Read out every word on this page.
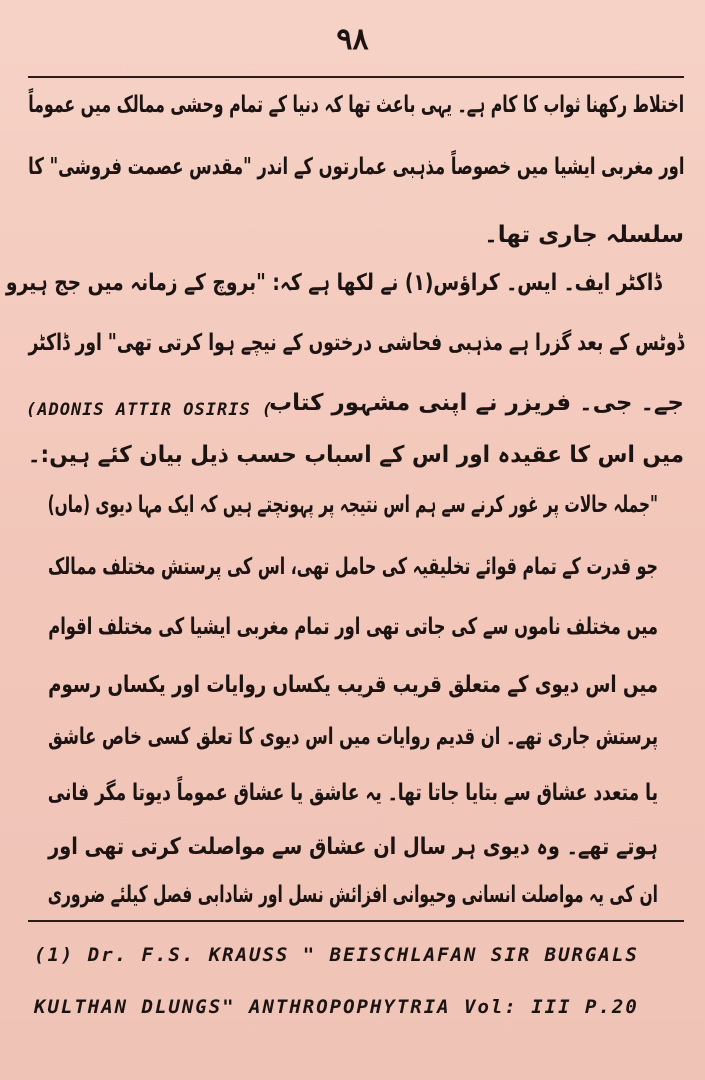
۹۸
اختلاط رکھنا ثواب کا کام ہے۔ یہی باعث تھا کہ دنیا کے تمام وحشی ممالک میں عموماً
اور مغربی ایشیا میں خصوصاً مذہبی عمارتوں کے اندر "مقدس عصمت فروشی" کا
سلسلہ جاری تھا۔
ڈاکٹر ایف۔ ایس۔ کراؤس(۱) نے لکھا ہے کہ: "بروچ کے زمانہ میں جج ہیرو
ڈوٹس کے بعد گزرا ہے مذہبی فحاشی درختوں کے نیچے ہوا کرتی تھی" اور ڈاکٹر
جے۔ جی۔ فریزر نے اپنی مشہور کتاب
(ADONIS ATTIR OSIRIS (
میں اس کا عقیدہ اور اس کے اسباب حسب ذیل بیان کئے ہیں:۔
"جملہ حالات پر غور کرنے سے ہم اس نتیجہ پر پہونچتے ہیں کہ ایک مہا دیوی (ماں)
جو قدرت کے تمام قوائے تخلیقیہ کی حامل تھی، اس کی پرستش مختلف ممالک
میں مختلف ناموں سے کی جاتی تھی اور تمام مغربی ایشیا کی مختلف اقوام
میں اس دیوی کے متعلق قریب قریب یکساں روایات اور یکساں رسوم
پرستش جاری تھے۔ ان قدیم روایات میں اس دیوی کا تعلق کسی خاص عاشق
یا متعدد عشاق سے بتایا جاتا تھا۔ یہ عاشق یا عشاق عموماً دیوتا مگر فانی
ہوتے تھے۔ وہ دیوی ہر سال ان عشاق سے مواصلت کرتی تھی اور
ان کی یہ مواصلت انسانی وحیوانی افزائش نسل اور شادابی فصل کیلئے ضروری
(1) Dr. F.S. KRAUSS " BEISCHLAFAN SIR BURGALS
KULTHAN DLUNGS" ANTHROPOPHYTRIA Vol: III P.20
